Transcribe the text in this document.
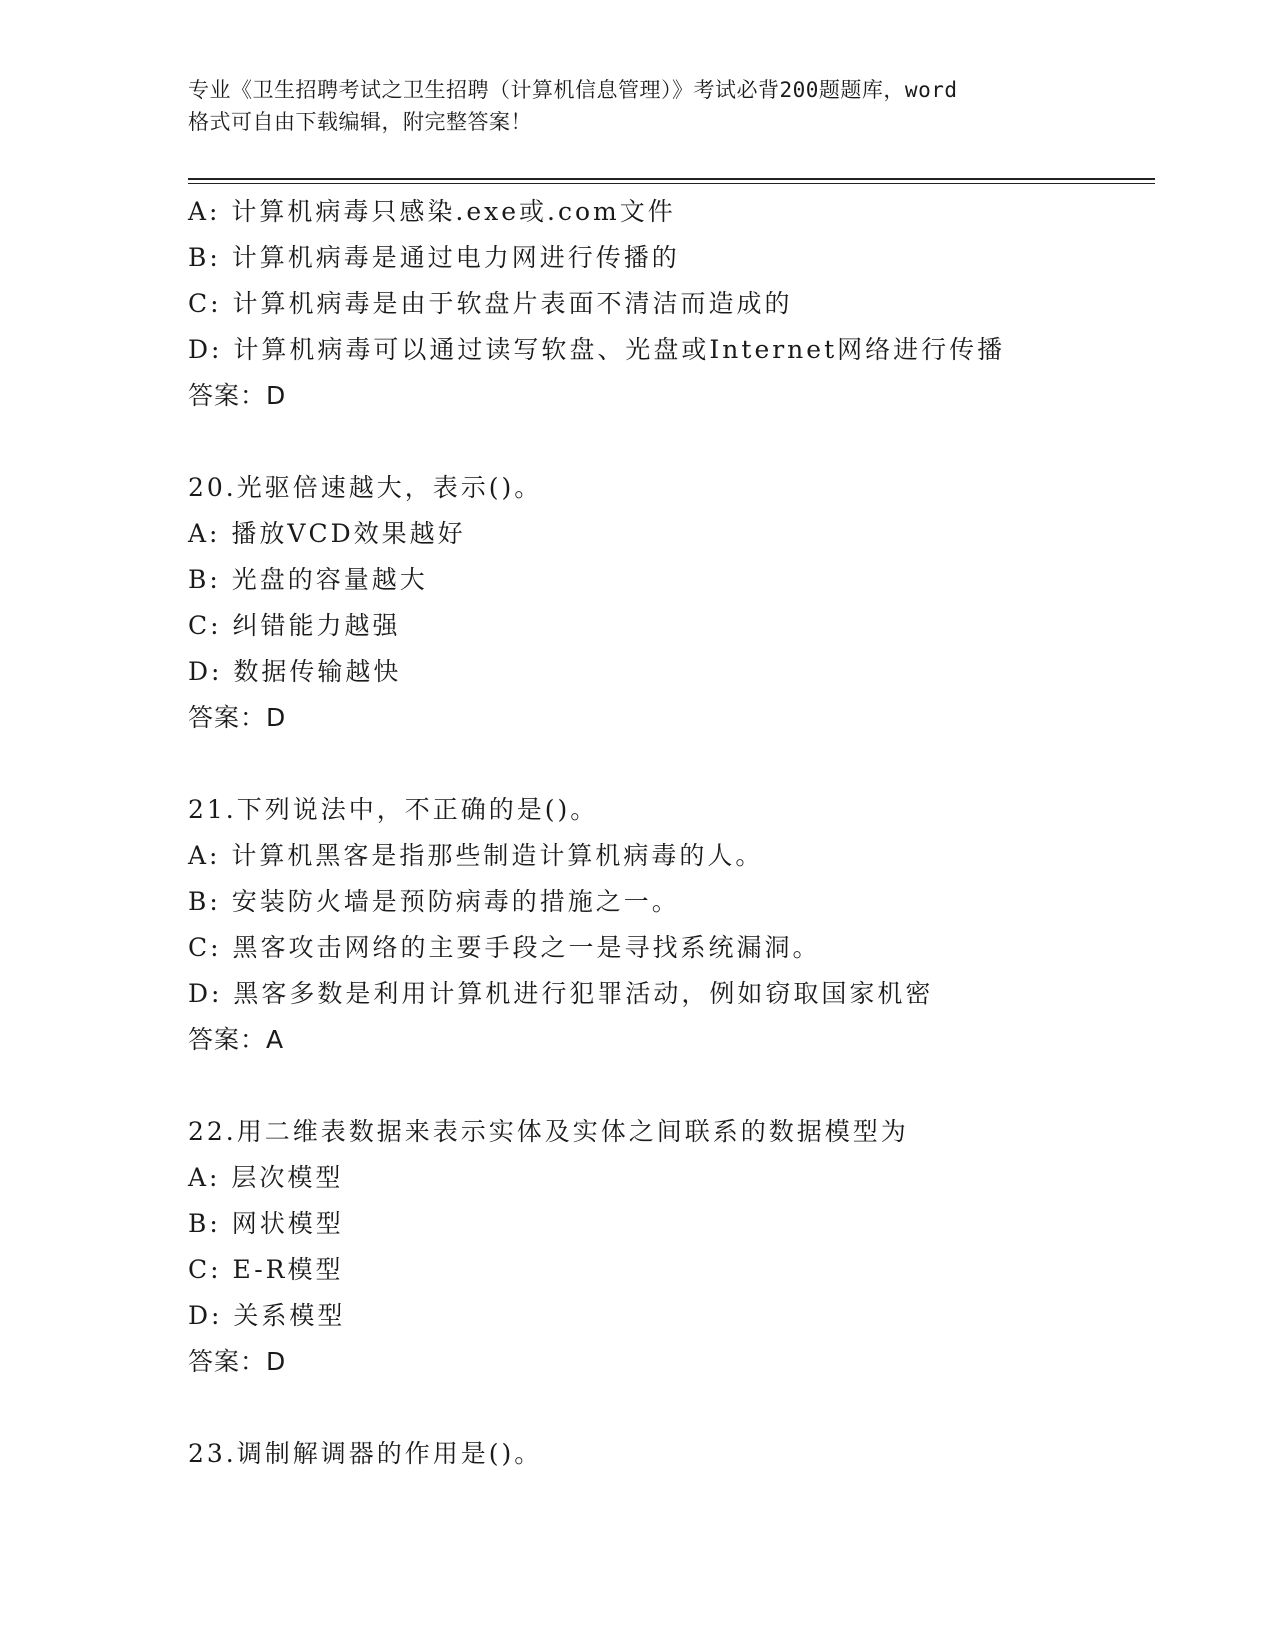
专业《卫生招聘考试之卫生招聘（计算机信息管理）》考试必背200题题库，word
格式可自由下载编辑，附完整答案！
A: 计算机病毒只感染.exe或.com文件
B: 计算机病毒是通过电力网进行传播的
C: 计算机病毒是由于软盘片表面不清洁而造成的
D: 计算机病毒可以通过读写软盘、光盘或Internet网络进行传播
答案：D
20.光驱倍速越大，表示()。
A: 播放VCD效果越好
B: 光盘的容量越大
C: 纠错能力越强
D: 数据传输越快
答案：D
21.下列说法中，不正确的是()。
A: 计算机黑客是指那些制造计算机病毒的人。
B: 安装防火墙是预防病毒的措施之一。
C: 黑客攻击网络的主要手段之一是寻找系统漏洞。
D: 黑客多数是利用计算机进行犯罪活动，例如窃取国家机密
答案：A
22.用二维表数据来表示实体及实体之间联系的数据模型为
A: 层次模型
B: 网状模型
C: E-R模型
D: 关系模型
答案：D
23.调制解调器的作用是()。
